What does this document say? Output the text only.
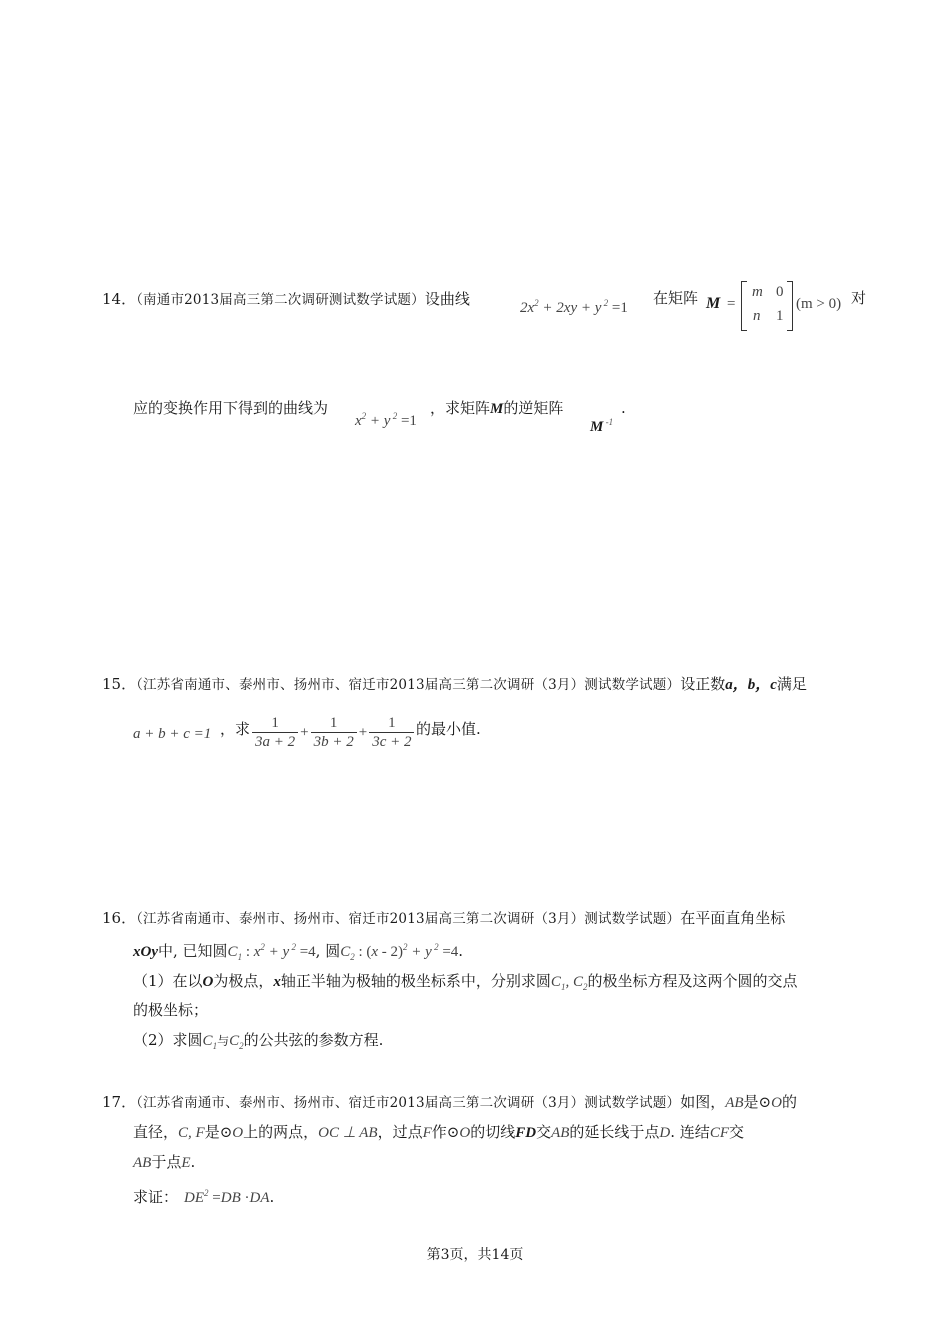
14．（南通市2013届高三第二次调研测试数学试题）设曲线	$2x^2 + 2xy + y$ $^2$ =1
在矩阵 M =
m 0
n 1
(m > 0) 对
应的变换作用下得到的曲线为
$x^2 + y$ $^2$ =1
，求矩阵M的逆矩阵
M $^{-1}$
.
15．（江苏省南通市、泰州市、扬州市、宿迁市2013届高三第二次调研（3月）测试数学试题）设正数a，b，c满足
a + b + c =1 ，求 $\frac{1}{3a + 2} + \frac{1}{3b + 2} + \frac{1}{3c + 2}$ 的最小值.
16．（江苏省南通市、泰州市、扬州市、宿迁市2013届高三第二次调研（3月）测试数学试题）在平面直角坐标
xOy中, 已知圆$C_1$ : $x^2 + y$ $^2$ =4, 圆$C_2$ : (x - 2)$^2$ + y $^2$ =4.
（1）在以O为极点，x轴正半轴为极轴的极坐标系中，分别求圆$C_1$, $C_2$的极坐标方程及这两个圆的交点
的极坐标；
（2）求圆$C_1$与$C_2$的公共弦的参数方程.
17．（江苏省南通市、泰州市、扬州市、宿迁市2013届高三第二次调研（3月）测试数学试题）如图，AB是⊙O的
直径，C, F是⊙O上的两点，OC ⊥ AB，过点F作⊙O的切线FD交AB的延长线于点D. 连结CF交
AB于点E.
求证： $DE^2 =DB \cdot DA$.
第3页，共14页
